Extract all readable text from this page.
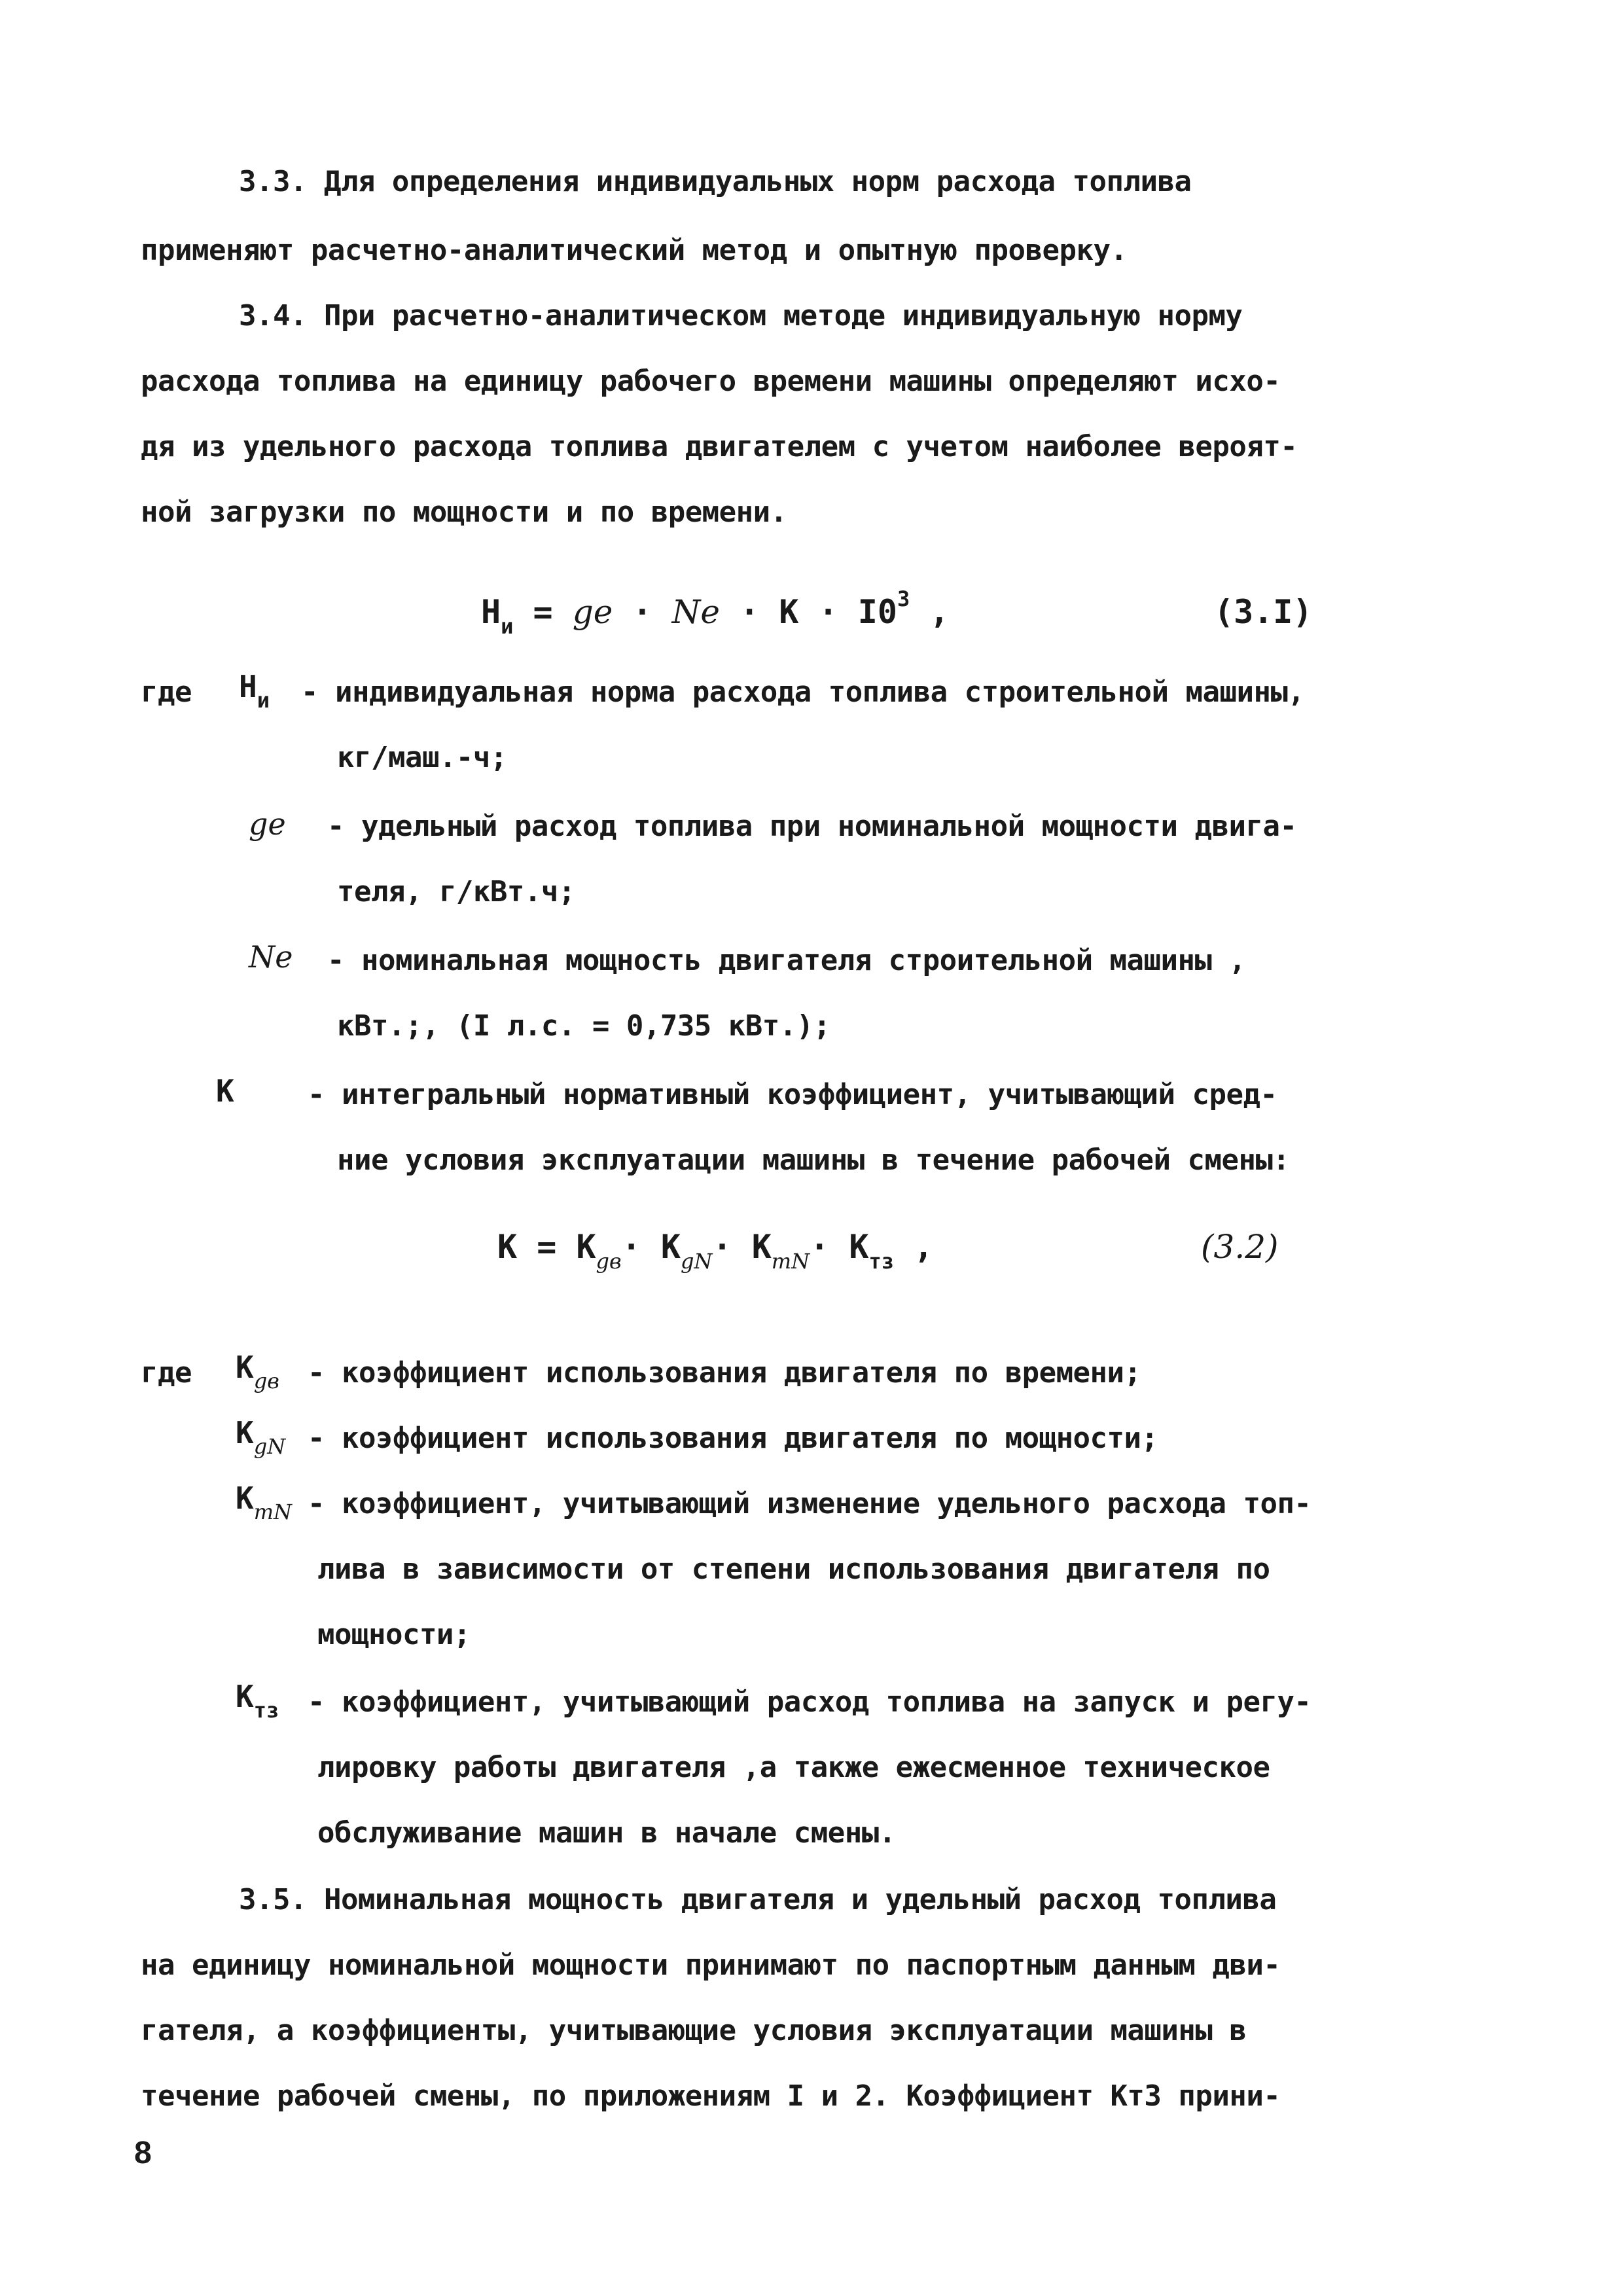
3.3. Для определения индивидуальных норм расхода топлива
применяют расчетно-аналитический метод и опытную проверку.
3.4. При расчетно-аналитическом методе индивидуальную норму
расхода топлива на единицу рабочего времени машины определяют исхо-
дя из удельного расхода топлива двигателем с учетом наиболее вероят-
ной загрузки по мощности и по времени.
$Н_и$ = ge · $Ne \cdot К \cdot I0^3$ ,	(3.I)
где $Н_и$ - индивидуальная норма расхода топлива строительной машины,
кг/маш.-ч;
ge - удельный расход топлива при номинальной мощности двига-
теля, г/кВт.ч;
Ne - номинальная мощность двигателя строительной машины ,
кВт.;, (I л.с. = 0,735 кВт.);
К	- интегральный нормативный коэффициент, учитывающий сред-
ние условия эксплуатации машины в течение рабочей смены:
$К = К_{gв}\cdot К_{gN}\cdot К_{тN}\cdot К_{тз}$ ,	(3.2)
где $К_{gв}$ - коэффициент использования двигателя по времени;
$К_{gN}$ - коэффициент использования двигателя по мощности;
$К_{тN}$ - коэффициент, учитывающий изменение удельного расхода топ-
лива в зависимости от степени использования двигателя по
мощности;
$К_{тз}$ - коэффициент, учитывающий расход топлива на запуск и регу-
лировку работы двигателя ,а также ежесменное техническое
обслуживание машин в начале смены.
3.5. Номинальная мощность двигателя и удельный расход топлива
на единицу номинальной мощности принимают по паспортным данным дви-
гателя, а коэффициенты, учитывающие условия эксплуатации машины в
течение рабочей смены, по приложениям I и 2. Коэффициент Кт3 прини-
8
